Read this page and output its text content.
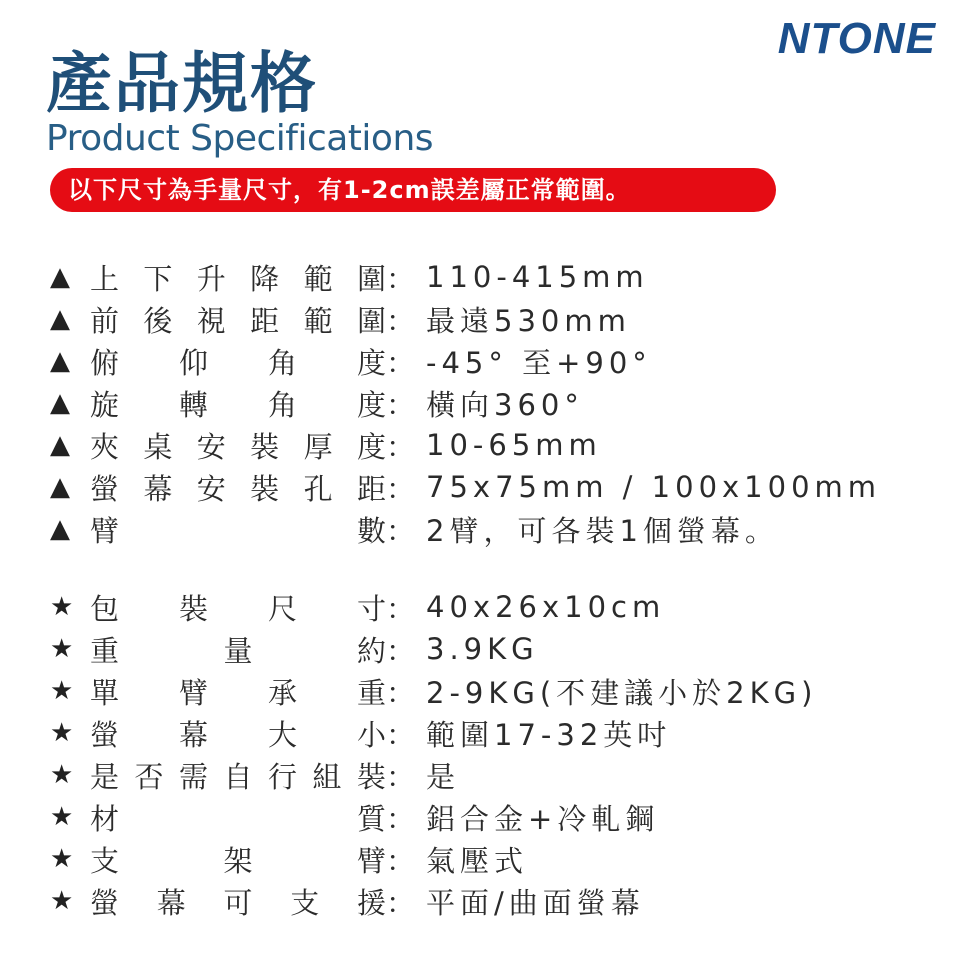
NTONE
產品規格
Product Specifications
以下尺寸為手量尺寸，有1-2cm誤差屬正常範圍。
▲ 上 下 升 降 範 圍 ： 110-415mm
▲ 前 後 視 距 範 圍 ： 最遠530mm
▲ 俯 仰 角 度 ： -45° 至+90°
▲ 旋 轉 角 度 ： 橫向360°
▲ 夾 桌 安 裝 厚 度 ： 10-65mm
▲ 螢 幕 安 裝 孔 距 ： 75x75mm / 100x100mm
▲ 臂	數 ： 2臂，可各裝1個螢幕。
★ 包 裝 尺 寸 ： 40x26x10cm
★ 重	量	約 ： 3.9KG
★ 單 臂 承 重 ： 2-9KG(不建議小於2KG)
★ 螢 幕 大 小 ： 範圍17-32英吋
★ 是 否 需 自 行 組 裝 ： 是
★ 材	質 ： 鋁合金+冷軋鋼
★ 支	架	臂 ： 氣壓式
★ 螢 幕 可 支 援 ： 平面/曲面螢幕
